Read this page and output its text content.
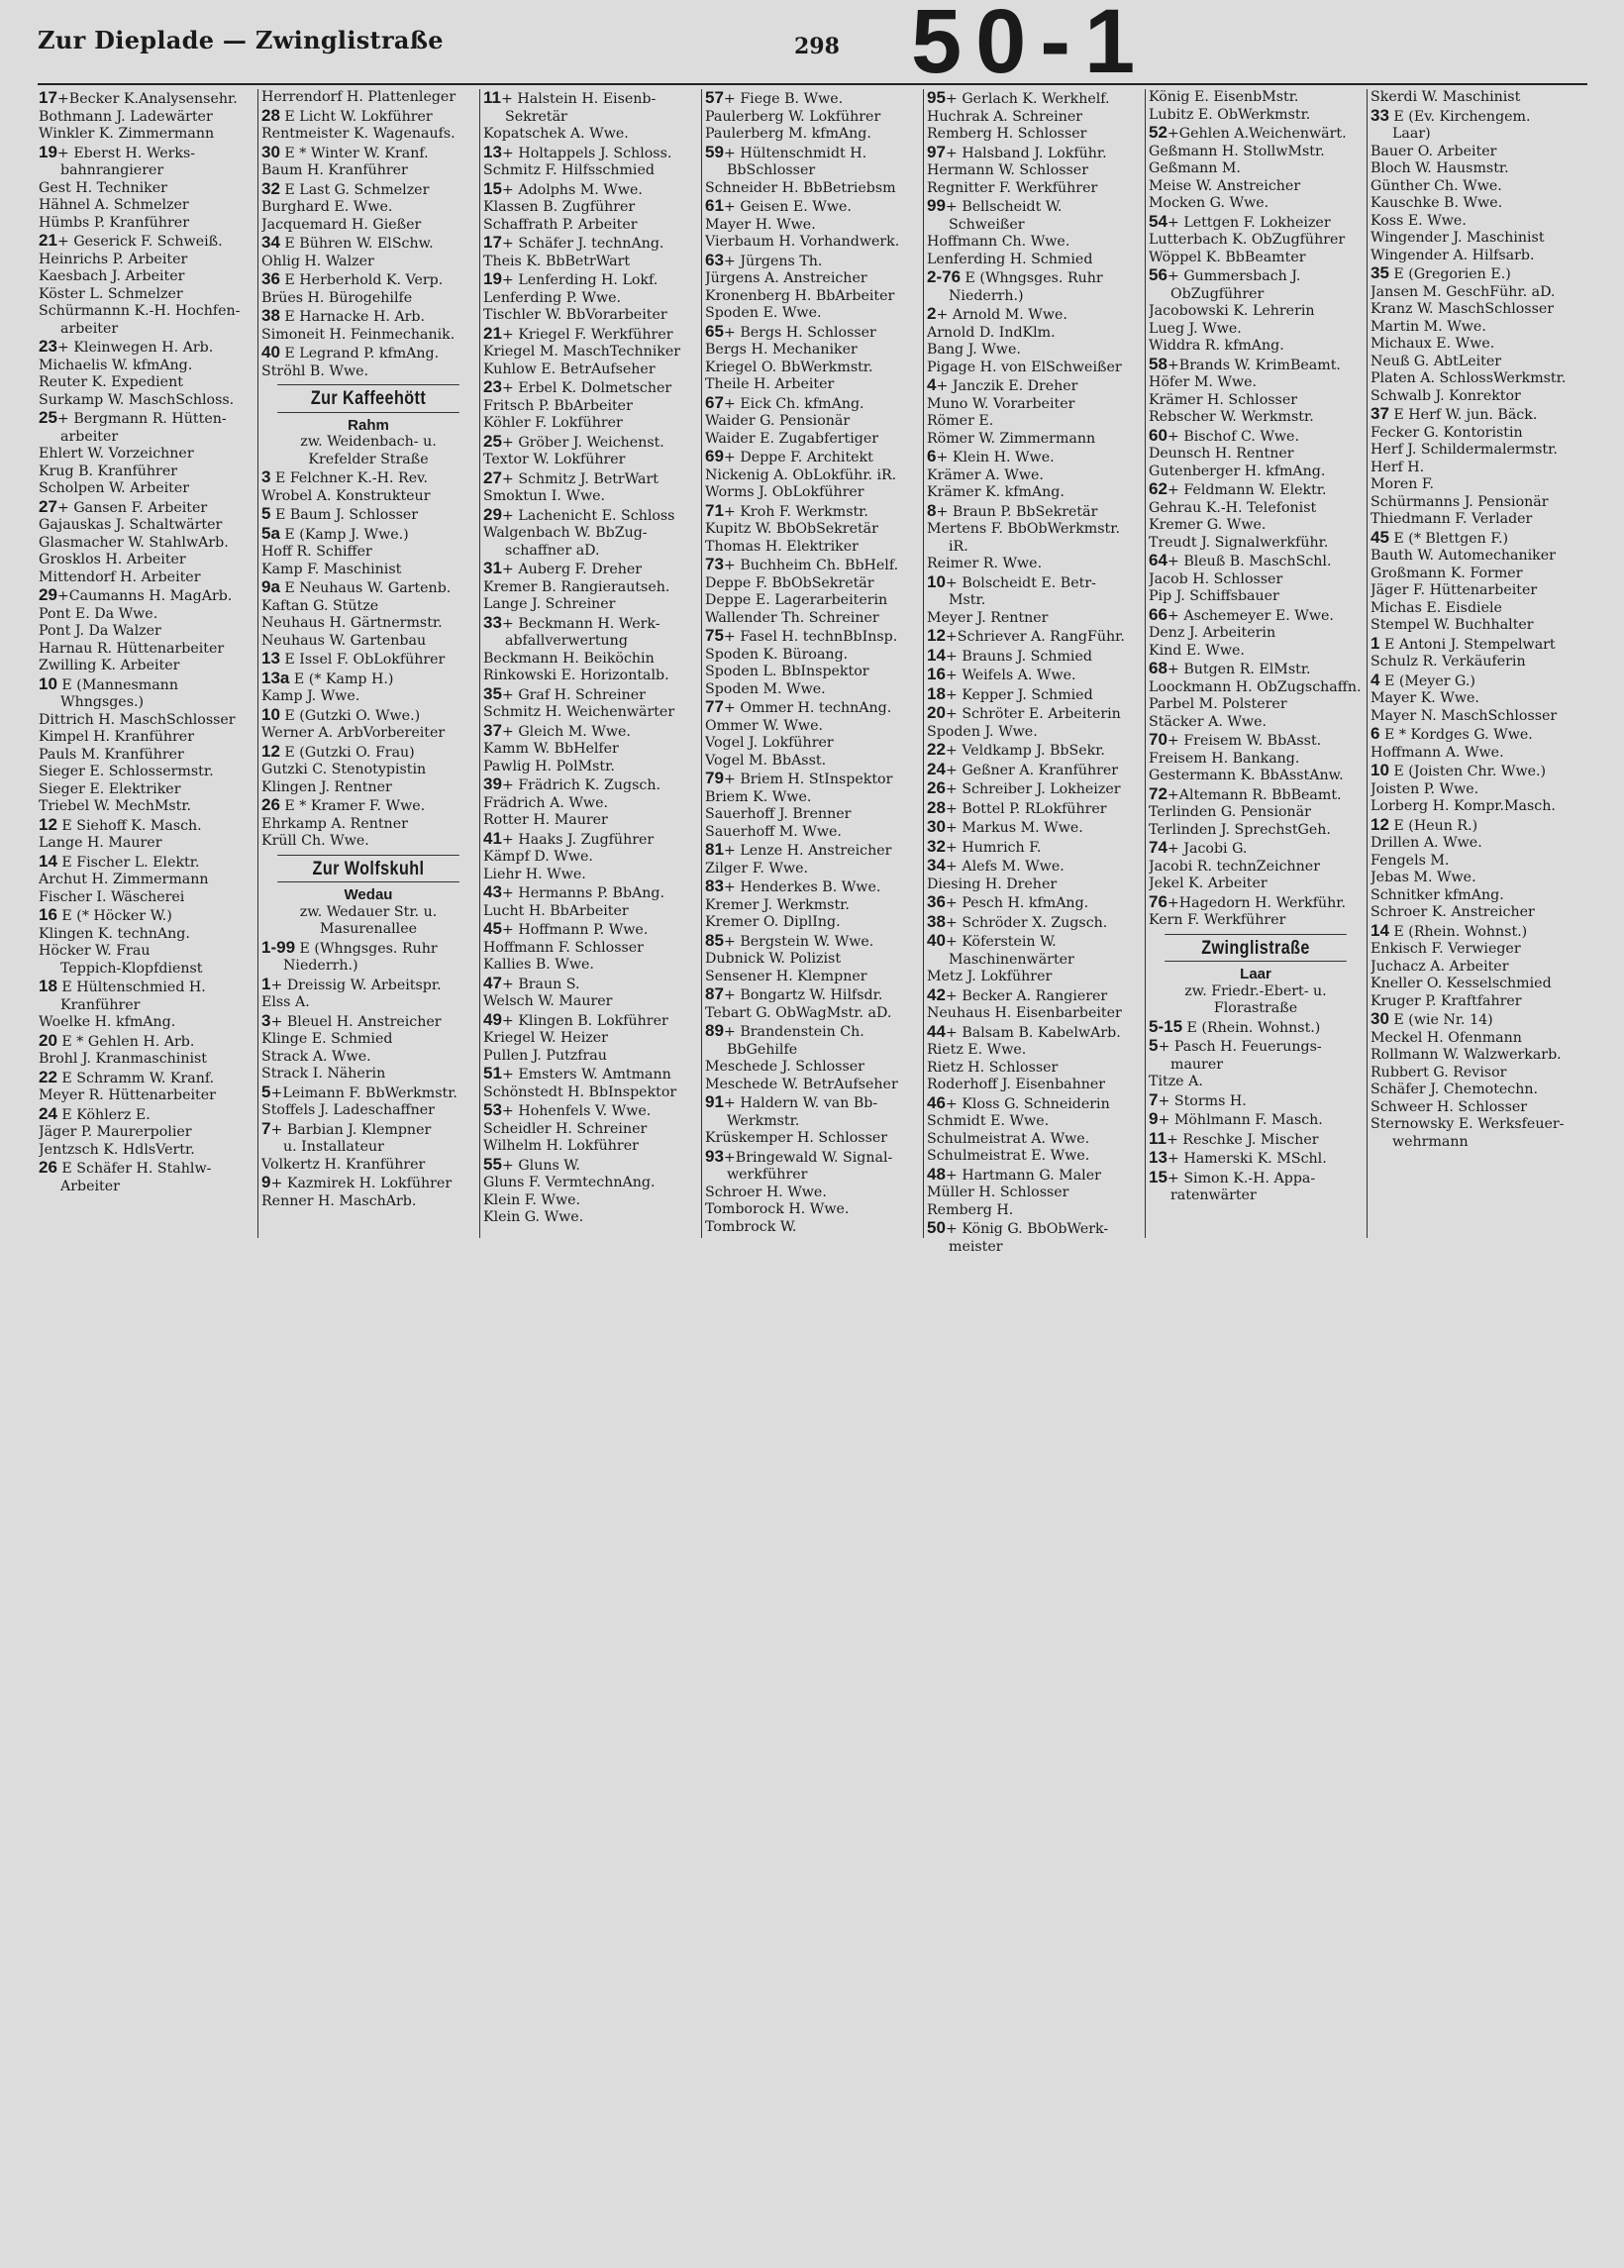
Zur Dieplade — Zwinglistraße	298 50-1
17+Becker K.Analysensehr.
Bothmann J. Ladewärter
Winkler K. Zimmermann
19+ Eberst H. Werks-
bahnrangierer
Gest H. Techniker
Hähnel A. Schmelzer
Hümbs P. Kranführer
21+ Geserick F. Schweiß.
Heinrichs P. Arbeiter
Kaesbach J. Arbeiter
Köster L. Schmelzer
Schürmannn K.-H. Hochfen-
arbeiter
23+ Kleinwegen H. Arb.
Michaelis W. kfmAng.
Reuter K. Expedient
Surkamp W. MaschSchloss.
25+ Bergmann R. Hütten-
arbeiter
Ehlert W. Vorzeichner
Krug B. Kranführer
Scholpen W. Arbeiter
27+ Gansen F. Arbeiter
Gajauskas J. Schaltwärter
Glasmacher W. StahlwArb.
Grosklos H. Arbeiter
Mittendorf H. Arbeiter
29+Caumanns H. MagArb.
Pont E. Da Wwe.
Pont J. Da Walzer
Harnau R. Hüttenarbeiter
Zwilling K. Arbeiter
10 E (Mannesmann
Whngsges.)
Dittrich H. MaschSchlosser
Kimpel H. Kranführer
Pauls M. Kranführer
Sieger E. Schlossermstr.
Sieger E. Elektriker
Triebel W. MechMstr.
12 E Siehoff K. Masch.
Lange H. Maurer
14 E Fischer L. Elektr.
Archut H. Zimmermann
Fischer I. Wäscherei
16 E (* Höcker W.)
Klingen K. technAng.
Höcker W. Frau
Teppich-Klopfdienst
18 E Hültenschmied H.
Kranführer
Woelke H. kfmAng.
20 E * Gehlen H. Arb.
Brohl J. Kranmaschinist
22 E Schramm W. Kranf.
Meyer R. Hüttenarbeiter
24 E Köhlerz E.
Jäger P. Maurerpolier
Jentzsch K. HdlsVertr.
26 E Schäfer H. Stahlw-
Arbeiter
Herrendorf H. Plattenleger
28 E Licht W. Lokführer
Rentmeister K. Wagenaufs.
30 E * Winter W. Kranf.
Baum H. Kranführer
32 E Last G. Schmelzer
Burghard E. Wwe.
Jacquemard H. Gießer
34 E Bühren W. ElSchw.
Ohlig H. Walzer
36 E Herberhold K. Verp.
Brües H. Bürogehilfe
38 E Harnacke H. Arb.
Simoneit H. Feinmechanik.
40 E Legrand P. kfmAng.
Ströhl B. Wwe.
Zur Kaffeehött
Rahm
zw. Weidenbach- u.
Krefelder Straße
3 E Felchner K.-H. Rev.
Wrobel A. Konstrukteur
5 E Baum J. Schlosser
5a E (Kamp J. Wwe.)
Hoff R. Schiffer
Kamp F. Maschinist
9a E Neuhaus W. Gartenb.
Kaftan G. Stütze
Neuhaus H. Gärtnermstr.
Neuhaus W. Gartenbau
13 E Issel F. ObLokführer
13a E (* Kamp H.)
Kamp J. Wwe.
10 E (Gutzki O. Wwe.)
Werner A. ArbVorbereiter
12 E (Gutzki O. Frau)
Gutzki C. Stenotypistin
Klingen J. Rentner
26 E * Kramer F. Wwe.
Ehrkamp A. Rentner
Krüll Ch. Wwe.
Zur Wolfskuhl
Wedau
zw. Wedauer Str. u.
Masurenallee
1-99 E (Whngsges. Ruhr
Niederrh.)
1+ Dreissig W. Arbeitspr.
Elss A.
3+ Bleuel H. Anstreicher
Klinge E. Schmied
Strack A. Wwe.
Strack I. Näherin
5+Leimann F. BbWerkmstr.
Stoffels J. Ladeschaffner
7+ Barbian J. Klempner
u. Installateur
Volkertz H. Kranführer
9+ Kazmirek H. Lokführer
Renner H. MaschArb.
11+ Halstein H. Eisenb-
Sekretär
Kopatschek A. Wwe.
13+ Holtappels J. Schloss.
Schmitz F. Hilfsschmied
15+ Adolphs M. Wwe.
Klassen B. Zugführer
Schaffrath P. Arbeiter
17+ Schäfer J. technAng.
Theis K. BbBetrWart
19+ Lenferding H. Lokf.
Lenferding P. Wwe.
Tischler W. BbVorarbeiter
21+ Kriegel F. Werkführer
Kriegel M. MaschTechniker
Kuhlow E. BetrAufseher
23+ Erbel K. Dolmetscher
Fritsch P. BbArbeiter
Köhler F. Lokführer
25+ Gröber J. Weichenst.
Textor W. Lokführer
27+ Schmitz J. BetrWart
Smoktun I. Wwe.
29+ Lachenicht E. Schloss
Walgenbach W. BbZug-
schaffner aD.
31+ Auberg F. Dreher
Kremer B. Rangierautseh.
Lange J. Schreiner
33+ Beckmann H. Werk-
abfallverwertung
Beckmann H. Beiköchin
Rinkowski E. Horizontalb.
35+ Graf H. Schreiner
Schmitz H. Weichenwärter
37+ Gleich M. Wwe.
Kamm W. BbHelfer
Pawlig H. PolMstr.
39+ Frädrich K. Zugsch.
Frädrich A. Wwe.
Rotter H. Maurer
41+ Haaks J. Zugführer
Kämpf D. Wwe.
Liehr H. Wwe.
43+ Hermanns P. BbAng.
Lucht H. BbArbeiter
45+ Hoffmann P. Wwe.
Hoffmann F. Schlosser
Kallies B. Wwe.
47+ Braun S.
Welsch W. Maurer
49+ Klingen B. Lokführer
Kriegel W. Heizer
Pullen J. Putzfrau
51+ Emsters W. Amtmann
Schönstedt H. BbInspektor
53+ Hohenfels V. Wwe.
Scheidler H. Schreiner
Wilhelm H. Lokführer
55+ Gluns W.
Gluns F. VermtechnAng.
Klein F. Wwe.
Klein G. Wwe.
57+ Fiege B. Wwe.
Paulerberg W. Lokführer
Paulerberg M. kfmAng.
59+ Hültenschmidt H.
BbSchlosser
Schneider H. BbBetriebsm
61+ Geisen E. Wwe.
Mayer H. Wwe.
Vierbaum H. Vorhandwerk.
63+ Jürgens Th.
Jürgens A. Anstreicher
Kronenberg H. BbArbeiter
Spoden E. Wwe.
65+ Bergs H. Schlosser
Bergs H. Mechaniker
Kriegel O. BbWerkmstr.
Theile H. Arbeiter
67+ Eick Ch. kfmAng.
Waider G. Pensionär
Waider E. Zugabfertiger
69+ Deppe F. Architekt
Nickenig A. ObLokführ. iR.
Worms J. ObLokführer
71+ Kroh F. Werkmstr.
Kupitz W. BbObSekretär
Thomas H. Elektriker
73+ Buchheim Ch. BbHelf.
Deppe F. BbObSekretär
Deppe E. Lagerarbeiterin
Wallender Th. Schreiner
75+ Fasel H. technBbInsp.
Spoden K. Büroang.
Spoden L. BbInspektor
Spoden M. Wwe.
77+ Ommer H. technAng.
Ommer W. Wwe.
Vogel J. Lokführer
Vogel M. BbAsst.
79+ Briem H. StInspektor
Briem K. Wwe.
Sauerhoff J. Brenner
Sauerhoff M. Wwe.
81+ Lenze H. Anstreicher
Zilger F. Wwe.
83+ Henderkes B. Wwe.
Kremer J. Werkmstr.
Kremer O. DiplIng.
85+ Bergstein W. Wwe.
Dubnick W. Polizist
Sensener H. Klempner
87+ Bongartz W. Hilfsdr.
Tebart G. ObWagMstr. aD.
89+ Brandenstein Ch.
BbGehilfe
Meschede J. Schlosser
Meschede W. BetrAufseher
91+ Haldern W. van Bb-
Werkmstr.
Krüskemper H. Schlosser
93+Bringewald W. Signal-
werkführer
Schroer H. Wwe.
Tomborock H. Wwe.
Tombrock W.
95+ Gerlach K. Werkhelf.
Huchrak A. Schreiner
Remberg H. Schlosser
97+ Halsband J. Lokführ.
Hermann W. Schlosser
Regnitter F. Werkführer
99+ Bellscheidt W.
Schweißer
Hoffmann Ch. Wwe.
Lenferding H. Schmied
2-76 E (Whngsges. Ruhr
Niederrh.)
2+ Arnold M. Wwe.
Arnold D. IndKlm.
Bang J. Wwe.
Pigage H. von ElSchweißer
4+ Janczik E. Dreher
Muno W. Vorarbeiter
Römer E.
Römer W. Zimmermann
6+ Klein H. Wwe.
Krämer A. Wwe.
Krämer K. kfmAng.
8+ Braun P. BbSekretär
Mertens F. BbObWerkmstr.
iR.
Reimer R. Wwe.
10+ Bolscheidt E. Betr-
Mstr.
Meyer J. Rentner
12+Schriever A. RangFühr.
14+ Brauns J. Schmied
16+ Weifels A. Wwe.
18+ Kepper J. Schmied
20+ Schröter E. Arbeiterin
Spoden J. Wwe.
22+ Veldkamp J. BbSekr.
24+ Geßner A. Kranführer
26+ Schreiber J. Lokheizer
28+ Bottel P. RLokführer
30+ Markus M. Wwe.
32+ Humrich F.
34+ Alefs M. Wwe.
Diesing H. Dreher
36+ Pesch H. kfmAng.
38+ Schröder X. Zugsch.
40+ Köferstein W.
Maschinenwärter
Metz J. Lokführer
42+ Becker A. Rangierer
Neuhaus H. Eisenbarbeiter
44+ Balsam B. KabelwArb.
Rietz E. Wwe.
Rietz H. Schlosser
Roderhoff J. Eisenbahner
46+ Kloss G. Schneiderin
Schmidt E. Wwe.
Schulmeistrat A. Wwe.
Schulmeistrat E. Wwe.
48+ Hartmann G. Maler
Müller H. Schlosser
Remberg H.
50+ König G. BbObWerk-
meister
König E. EisenbMstr.
Lubitz E. ObWerkmstr.
52+Gehlen A.Weichenwärt.
Geßmann H. StollwMstr.
Geßmann M.
Meise W. Anstreicher
Mocken G. Wwe.
54+ Lettgen F. Lokheizer
Lutterbach K. ObZugführer
Wöppel K. BbBeamter
56+ Gummersbach J.
ObZugführer
Jacobowski K. Lehrerin
Lueg J. Wwe.
Widdra R. kfmAng.
58+Brands W. KrimBeamt.
Höfer M. Wwe.
Krämer H. Schlosser
Rebscher W. Werkmstr.
60+ Bischof C. Wwe.
Deunsch H. Rentner
Gutenberger H. kfmAng.
62+ Feldmann W. Elektr.
Gehrau K.-H. Telefonist
Kremer G. Wwe.
Treudt J. Signalwerkführ.
64+ Bleuß B. MaschSchl.
Jacob H. Schlosser
Pip J. Schiffsbauer
66+ Aschemeyer E. Wwe.
Denz J. Arbeiterin
Kind E. Wwe.
68+ Butgen R. ElMstr.
Loockmann H. ObZugschaffn.
Parbel M. Polsterer
Stäcker A. Wwe.
70+ Freisem W. BbAsst.
Freisem H. Bankang.
Gestermann K. BbAsstAnw.
72+Altemann R. BbBeamt.
Terlinden G. Pensionär
Terlinden J. SprechstGeh.
74+ Jacobi G.
Jacobi R. technZeichner
Jekel K. Arbeiter
76+Hagedorn H. Werkführ.
Kern F. Werkführer
Zwinglistraße
Laar
zw. Friedr.-Ebert- u.
Florastraße
5-15 E (Rhein. Wohnst.)
5+ Pasch H. Feuerungs-
maurer
Titze A.
7+ Storms H.
9+ Möhlmann F. Masch.
11+ Reschke J. Mischer
13+ Hamerski K. MSchl.
15+ Simon K.-H. Appa-
ratenwärter
Skerdi W. Maschinist
33 E (Ev. Kirchengem.
Laar)
Bauer O. Arbeiter
Bloch W. Hausmstr.
Günther Ch. Wwe.
Kauschke B. Wwe.
Koss E. Wwe.
Wingender J. Maschinist
Wingender A. Hilfsarb.
35 E (Gregorien E.)
Jansen M. GeschFühr. aD.
Kranz W. MaschSchlosser
Martin M. Wwe.
Michaux E. Wwe.
Neuß G. AbtLeiter
Platen A. SchlossWerkmstr.
Schwalb J. Konrektor
37 E Herf W. jun. Bäck.
Fecker G. Kontoristin
Herf J. Schildermalermstr.
Herf H.
Moren F.
Schürmanns J. Pensionär
Thiedmann F. Verlader
45 E (* Blettgen F.)
Bauth W. Automechaniker
Großmann K. Former
Jäger F. Hüttenarbeiter
Michas E. Eisdiele
Stempel W. Buchhalter
1 E Antoni J. Stempelwart
Schulz R. Verkäuferin
4 E (Meyer G.)
Mayer K. Wwe.
Mayer N. MaschSchlosser
6 E * Kordges G. Wwe.
Hoffmann A. Wwe.
10 E (Joisten Chr. Wwe.)
Joisten P. Wwe.
Lorberg H. Kompr.Masch.
12 E (Heun R.)
Drillen A. Wwe.
Fengels M.
Jebas M. Wwe.
Schnitker kfmAng.
Schroer K. Anstreicher
14 E (Rhein. Wohnst.)
Enkisch F. Verwieger
Juchacz A. Arbeiter
Kneller O. Kesselschmied
Kruger P. Kraftfahrer
30 E (wie Nr. 14)
Meckel H. Ofenmann
Rollmann W. Walzwerkarb.
Rubbert G. Revisor
Schäfer J. Chemotechn.
Schweer H. Schlosser
Sternowsky E. Werksfeuer-
wehrmann
